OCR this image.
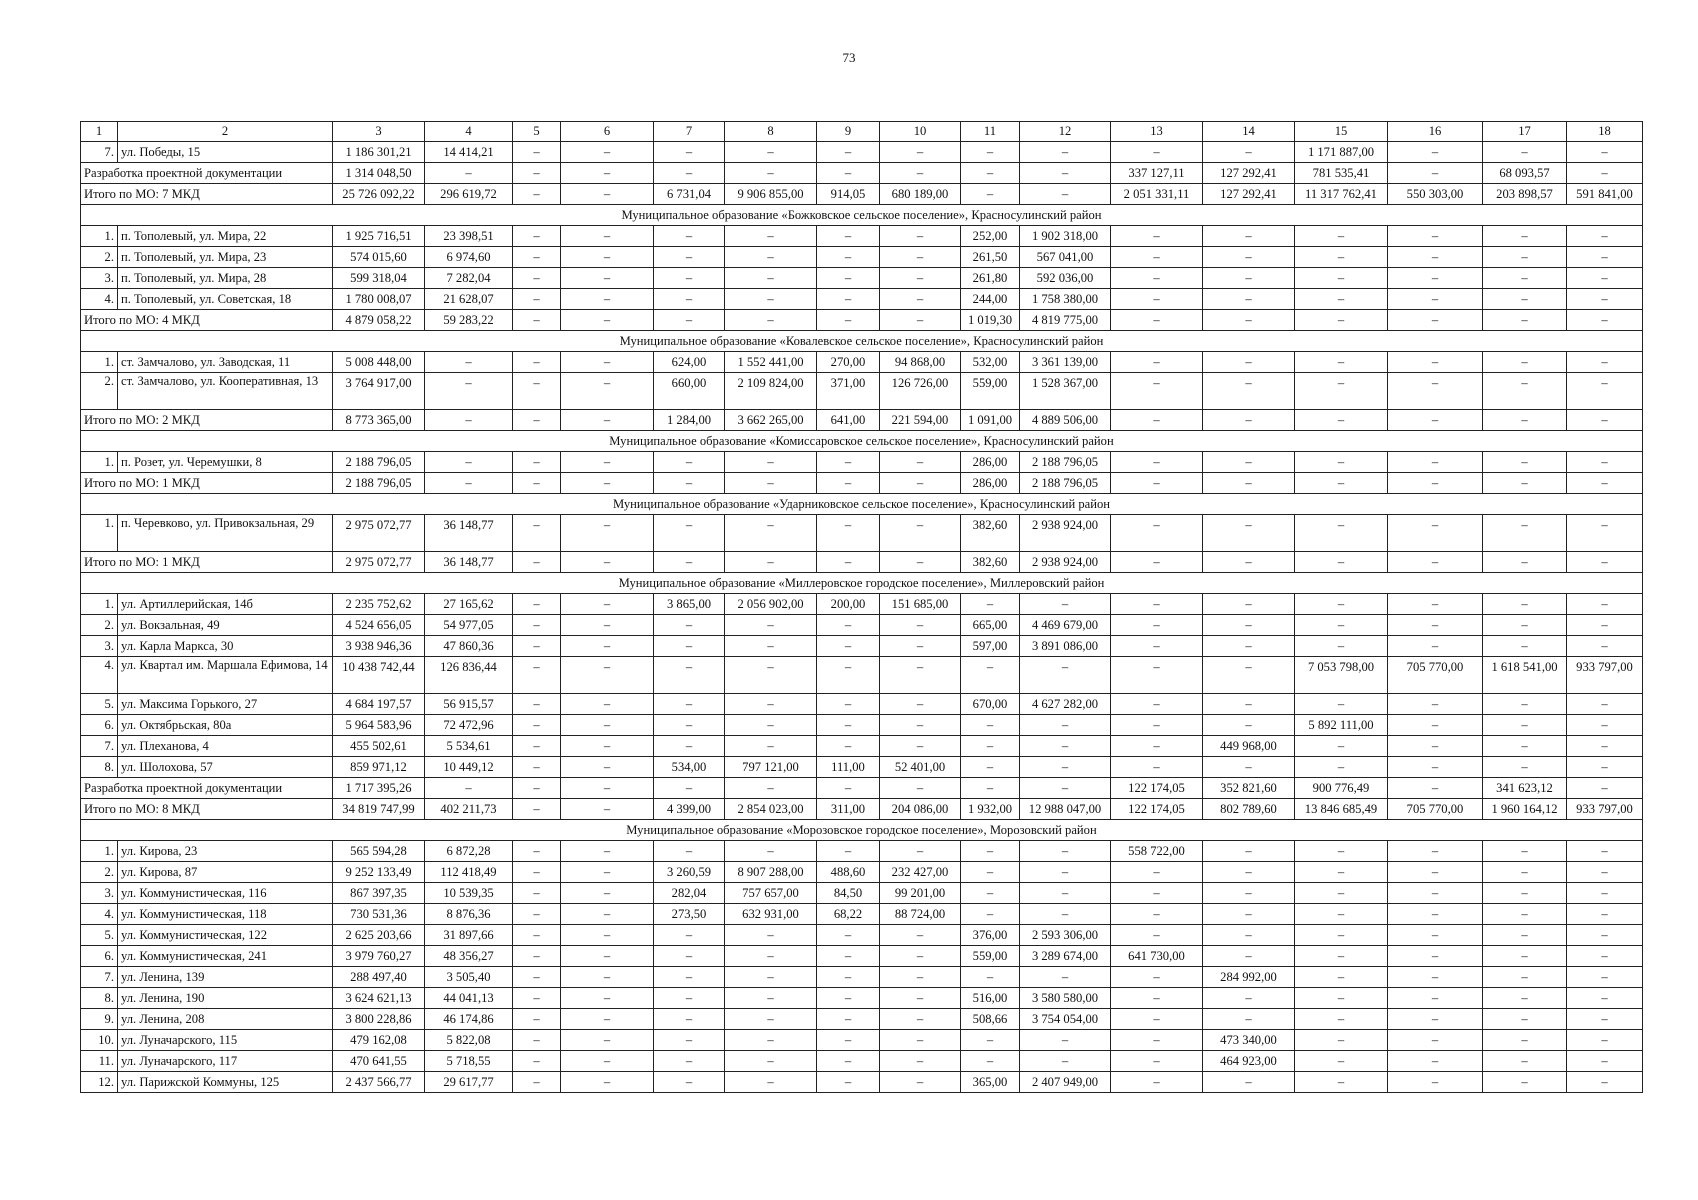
73
1	2	3	4	5	6	7	8	9	10	11	12	13	14	15	16	17	18
7.	ул. Победы, 15	1 186 301,21	14 414,21	–	–	–	–	–	–	–	–	–	–	1 171 887,00	–	–	–
Разработка проектной документации		1 314 048,50	–	–	–	–	–	–	–	–	–	337 127,11	127 292,41	781 535,41	–	68 093,57	–
Итого по МО: 7 МКД		25 726 092,22	296 619,72	–	–	6 731,04	9 906 855,00	914,05	680 189,00	–	–	2 051 331,11	127 292,41	11 317 762,41	550 303,00	203 898,57	591 841,00
Муниципальное образование «Божковское сельское поселение», Красносулинский район																	
1.	п. Тополевый, ул. Мира, 22	1 925 716,51	23 398,51	–	–	–	–	–	–	252,00	1 902 318,00	–	–	–	–	–	–
2.	п. Тополевый, ул. Мира, 23	574 015,60	6 974,60	–	–	–	–	–	–	261,50	567 041,00	–	–	–	–	–	–
3.	п. Тополевый, ул. Мира, 28	599 318,04	7 282,04	–	–	–	–	–	–	261,80	592 036,00	–	–	–	–	–	–
4.	п. Тополевый, ул. Советская, 18	1 780 008,07	21 628,07	–	–	–	–	–	–	244,00	1 758 380,00	–	–	–	–	–	–
Итого по МО: 4 МКД		4 879 058,22	59 283,22	–	–	–	–	–	–	1 019,30	4 819 775,00	–	–	–	–	–	–
Муниципальное образование «Ковалевское сельское поселение», Красносулинский район																	
1.	ст. Замчалово, ул. Заводская, 11	5 008 448,00	–	–	–	624,00	1 552 441,00	270,00	94 868,00	532,00	3 361 139,00	–	–	–	–	–	–
2.	ст. Замчалово, ул. Кооперативная, 13	3 764 917,00	–	–	–	660,00	2 109 824,00	371,00	126 726,00	559,00	1 528 367,00	–	–	–	–	–	–
Итого по МО: 2 МКД		8 773 365,00	–	–	–	1 284,00	3 662 265,00	641,00	221 594,00	1 091,00	4 889 506,00	–	–	–	–	–	–
Муниципальное образование «Комиссаровское сельское поселение», Красносулинский район																	
1.	п. Розет, ул. Черемушки, 8	2 188 796,05	–	–	–	–	–	–	–	286,00	2 188 796,05	–	–	–	–	–	–
Итого по МО: 1 МКД		2 188 796,05	–	–	–	–	–	–	–	286,00	2 188 796,05	–	–	–	–	–	–
Муниципальное образование «Ударниковское сельское поселение», Красносулинский район																	
1.	п. Черевково, ул. Привокзальная, 29	2 975 072,77	36 148,77	–	–	–	–	–	–	382,60	2 938 924,00	–	–	–	–	–	–
Итого по МО: 1 МКД		2 975 072,77	36 148,77	–	–	–	–	–	–	382,60	2 938 924,00	–	–	–	–	–	–
Муниципальное образование «Миллеровское городское поселение», Миллеровский район																	
1.	ул. Артиллерийская, 14б	2 235 752,62	27 165,62	–	–	3 865,00	2 056 902,00	200,00	151 685,00	–	–	–	–	–	–	–	–
2.	ул. Вокзальная, 49	4 524 656,05	54 977,05	–	–	–	–	–	–	665,00	4 469 679,00	–	–	–	–	–	–
3.	ул. Карла Маркса, 30	3 938 946,36	47 860,36	–	–	–	–	–	–	597,00	3 891 086,00	–	–	–	–	–	–
4.	ул. Квартал им. Маршала Ефимова, 14	10 438 742,44	126 836,44	–	–	–	–	–	–	–	–	–	–	7 053 798,00	705 770,00	1 618 541,00	933 797,00
5.	ул. Максима Горького, 27	4 684 197,57	56 915,57	–	–	–	–	–	–	670,00	4 627 282,00	–	–	–	–	–	–
6.	ул. Октябрьская, 80а	5 964 583,96	72 472,96	–	–	–	–	–	–	–	–	–	–	5 892 111,00	–	–	–
7.	ул. Плеханова, 4	455 502,61	5 534,61	–	–	–	–	–	–	–	–	–	449 968,00	–	–	–	–
8.	ул. Шолохова, 57	859 971,12	10 449,12	–	–	534,00	797 121,00	111,00	52 401,00	–	–	–	–	–	–	–	–
Разработка проектной документации		1 717 395,26	–	–	–	–	–	–	–	–	–	122 174,05	352 821,60	900 776,49	–	341 623,12	–
Итого по МО: 8 МКД		34 819 747,99	402 211,73	–	–	4 399,00	2 854 023,00	311,00	204 086,00	1 932,00	12 988 047,00	122 174,05	802 789,60	13 846 685,49	705 770,00	1 960 164,12	933 797,00
Муниципальное образование «Морозовское городское поселение», Морозовский район																	
1.	ул. Кирова, 23	565 594,28	6 872,28	–	–	–	–	–	–	–	–	558 722,00	–	–	–	–	–
2.	ул. Кирова, 87	9 252 133,49	112 418,49	–	–	3 260,59	8 907 288,00	488,60	232 427,00	–	–	–	–	–	–	–	–
3.	ул. Коммунистическая, 116	867 397,35	10 539,35	–	–	282,04	757 657,00	84,50	99 201,00	–	–	–	–	–	–	–	–
4.	ул. Коммунистическая, 118	730 531,36	8 876,36	–	–	273,50	632 931,00	68,22	88 724,00	–	–	–	–	–	–	–	–
5.	ул. Коммунистическая, 122	2 625 203,66	31 897,66	–	–	–	–	–	–	376,00	2 593 306,00	–	–	–	–	–	–
6.	ул. Коммунистическая, 241	3 979 760,27	48 356,27	–	–	–	–	–	–	559,00	3 289 674,00	641 730,00	–	–	–	–	–
7.	ул. Ленина, 139	288 497,40	3 505,40	–	–	–	–	–	–	–	–	–	284 992,00	–	–	–	–
8.	ул. Ленина, 190	3 624 621,13	44 041,13	–	–	–	–	–	–	516,00	3 580 580,00	–	–	–	–	–	–
9.	ул. Ленина, 208	3 800 228,86	46 174,86	–	–	–	–	–	–	508,66	3 754 054,00	–	–	–	–	–	–
10.	ул. Луначарского, 115	479 162,08	5 822,08	–	–	–	–	–	–	–	–	–	473 340,00	–	–	–	–
11.	ул. Луначарского, 117	470 641,55	5 718,55	–	–	–	–	–	–	–	–	–	464 923,00	–	–	–	–
12.	ул. Парижской Коммуны, 125	2 437 566,77	29 617,77	–	–	–	–	–	–	365,00	2 407 949,00	–	–	–	–	–	–
